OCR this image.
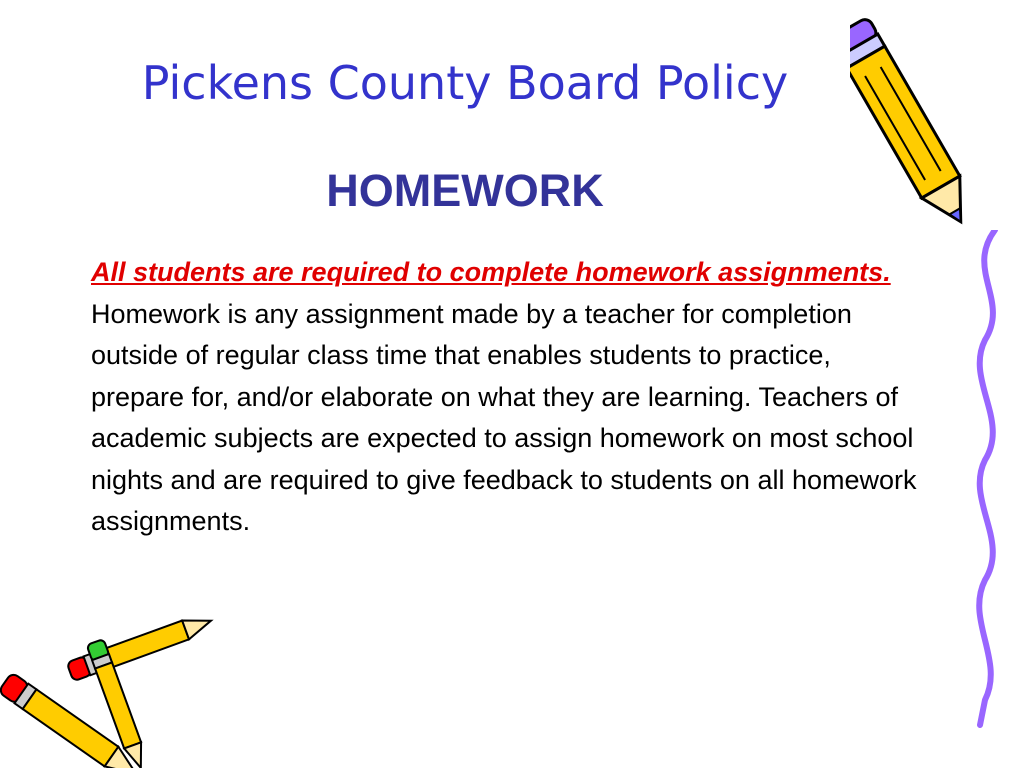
Pickens County Board Policy
HOMEWORK

All students are required to complete homework assignments.  Homework is any assignment made by a teacher for completion outside of regular class time that enables students to practice, prepare for, and/or elaborate on what they are learning. Teachers of academic subjects are expected to assign homework on most school nights and are required to give feedback to students on all homework assignments.
